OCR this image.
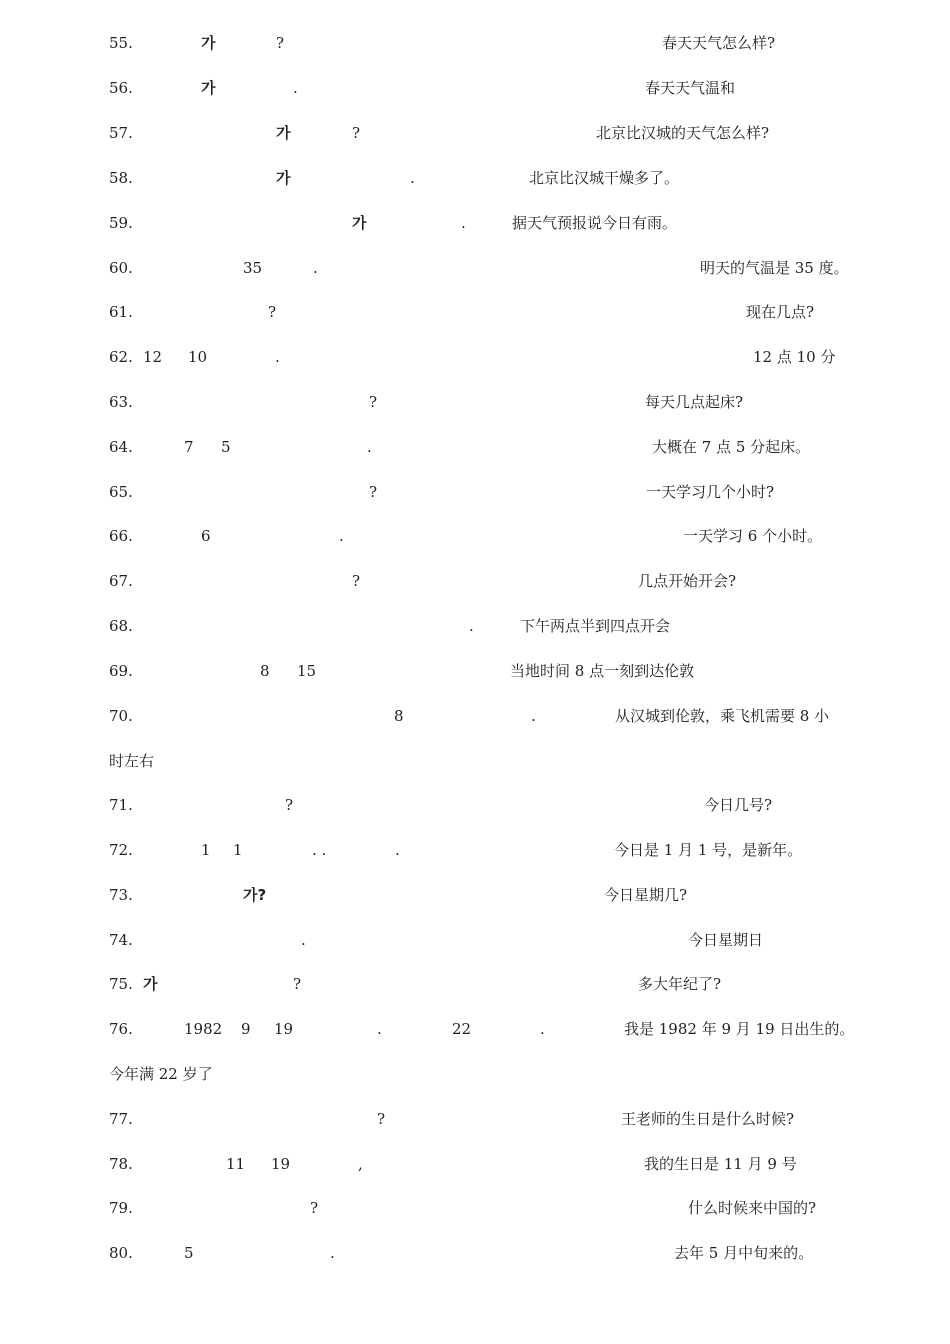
55.	가	?	春天天气怎么样?
56.	가	.	春天天气温和
57.	가	?	北京比汉城的天气怎么样?
58.	가	.	北京比汉城干燥多了。
59.	가	.	据天气预报说今日有雨。
60.	35	.	明天的气温是 35 度。
61.	?	现在几点?
62. 12 10	.	12 点 10 分
63.	?	每天几点起床?
64.	7 5	.	大概在 7 点 5 分起床。
65.	?	一天学习几个小时?
66.	6	.	一天学习 6 个小时。
67.	?	几点开始开会?
68.	.	下午两点半到四点开会
69.	8 15	当地时间 8 点一刻到达伦敦
70.	8	.	从汉城到伦敦，乘飞机需要 8 小
时左右
71.	?	今日几号?
72.	1 1	. .	.	今日是 1 月 1 号，是新年。
73.	가?	今日星期几?
74.	.	今日星期日
75. 가	?	多大年纪了?
76.	1982 9 19	.	22	.	我是 1982 年 9 月 19 日出生的。
今年满 22 岁了
77.	?	王老师的生日是什么时候?
78.	11 19	,	我的生日是 11 月 9 号
79.	?	什么时候来中国的?
80.	5	.	去年 5 月中旬来的。
